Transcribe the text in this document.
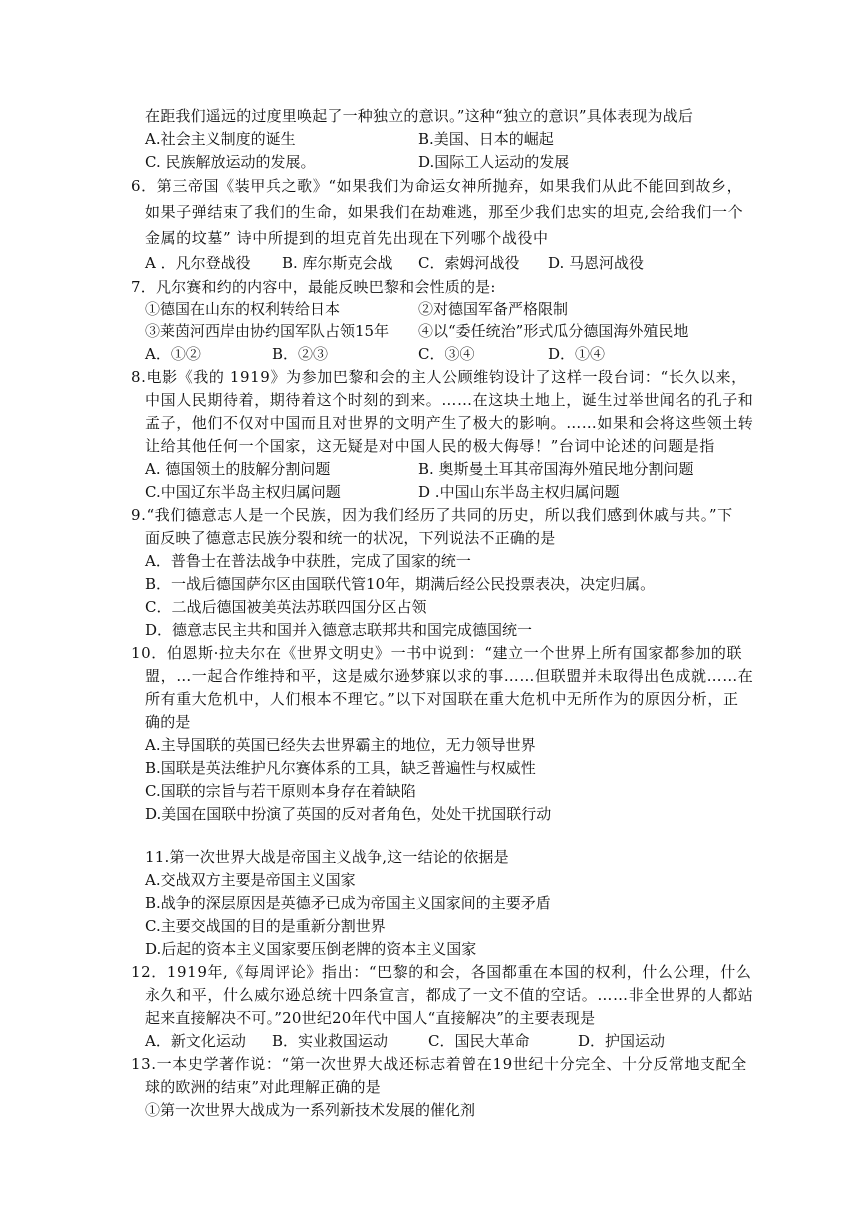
在距我们遥远的过度里唤起了一种独立的意识。”这种“独立的意识”具体表现为战后
A.社会主义制度的诞生	B.美国、日本的崛起
C. 民族解放运动的发展。	D.国际工人运动的发展
6．第三帝国《装甲兵之歌》“如果我们为命运女神所抛弃，如果我们从此不能回到故乡，
如果子弹结束了我们的生命，如果我们在劫难逃，那至少我们忠实的坦克,会给我们一个
金属的坟墓” 诗中所提到的坦克首先出现在下列哪个战役中
A ．凡尔登战役 B. 库尔斯克会战 C．索姆河战役 D. 马恩河战役
7．凡尔赛和约的内容中，最能反映巴黎和会性质的是:
①德国在山东的权利转给日本	②对德国军备严格限制
③莱茵河西岸由协约国军队占领15年 ④以“委任统治”形式瓜分德国海外殖民地
A．①②	B．②③	C．③④	D．①④
8.电影《我的 1919》为参加巴黎和会的主人公顾维钧设计了这样一段台词：“长久以来，
中国人民期待着，期待着这个时刻的到来。……在这块土地上，诞生过举世闻名的孔子和
孟子，他们不仅对中国而且对世界的文明产生了极大的影响。……如果和会将这些领土转
让给其他任何一个国家，这无疑是对中国人民的极大侮辱！”台词中论述的问题是指
A. 德国领土的肢解分割问题	B. 奥斯曼土耳其帝国海外殖民地分割问题
C.中国辽东半岛主权归属问题	D .中国山东半岛主权归属问题
9.“我们德意志人是一个民族，因为我们经历了共同的历史，所以我们感到休戚与共。”下
面反映了德意志民族分裂和统一的状况，下列说法不正确的是
A．普鲁士在普法战争中获胜，完成了国家的统一
B．一战后德国萨尔区由国联代管10年，期满后经公民投票表决，决定归属。
C．二战后德国被美英法苏联四国分区占领
D．德意志民主共和国并入德意志联邦共和国完成德国统一
10．伯恩斯·拉夫尔在《世界文明史》一书中说到：“建立一个世界上所有国家都参加的联
盟，…一起合作维持和平，这是威尔逊梦寐以求的事……但联盟并未取得出色成就……在
所有重大危机中，人们根本不理它。”以下对国联在重大危机中无所作为的原因分析，正
确的是
A.主导国联的英国已经失去世界霸主的地位，无力领导世界
B.国联是英法维护凡尔赛体系的工具，缺乏普遍性与权威性
C.国联的宗旨与若干原则本身存在着缺陷
D.美国在国联中扮演了英国的反对者角色，处处干扰国联行动
11.第一次世界大战是帝国主义战争,这一结论的依据是
A.交战双方主要是帝国主义国家
B.战争的深层原因是英德矛已成为帝国主义国家间的主要矛盾
C.主要交战国的目的是重新分割世界
D.后起的资本主义国家要压倒老牌的资本主义国家
12．1919年,《每周评论》指出：“巴黎的和会，各国都重在本国的权利，什么公理，什么
永久和平，什么威尔逊总统十四条宣言，都成了一文不值的空话。……非全世界的人都站
起来直接解决不可。”20世纪20年代中国人“直接解决”的主要表现是
A．新文化运动 B．实业救国运动	C．国民大革命	D．护国运动
13.一本史学著作说：“第一次世界大战还标志着曾在19世纪十分完全、十分反常地支配全
球的欧洲的结束”对此理解正确的是
①第一次世界大战成为一系列新技术发展的催化剂
